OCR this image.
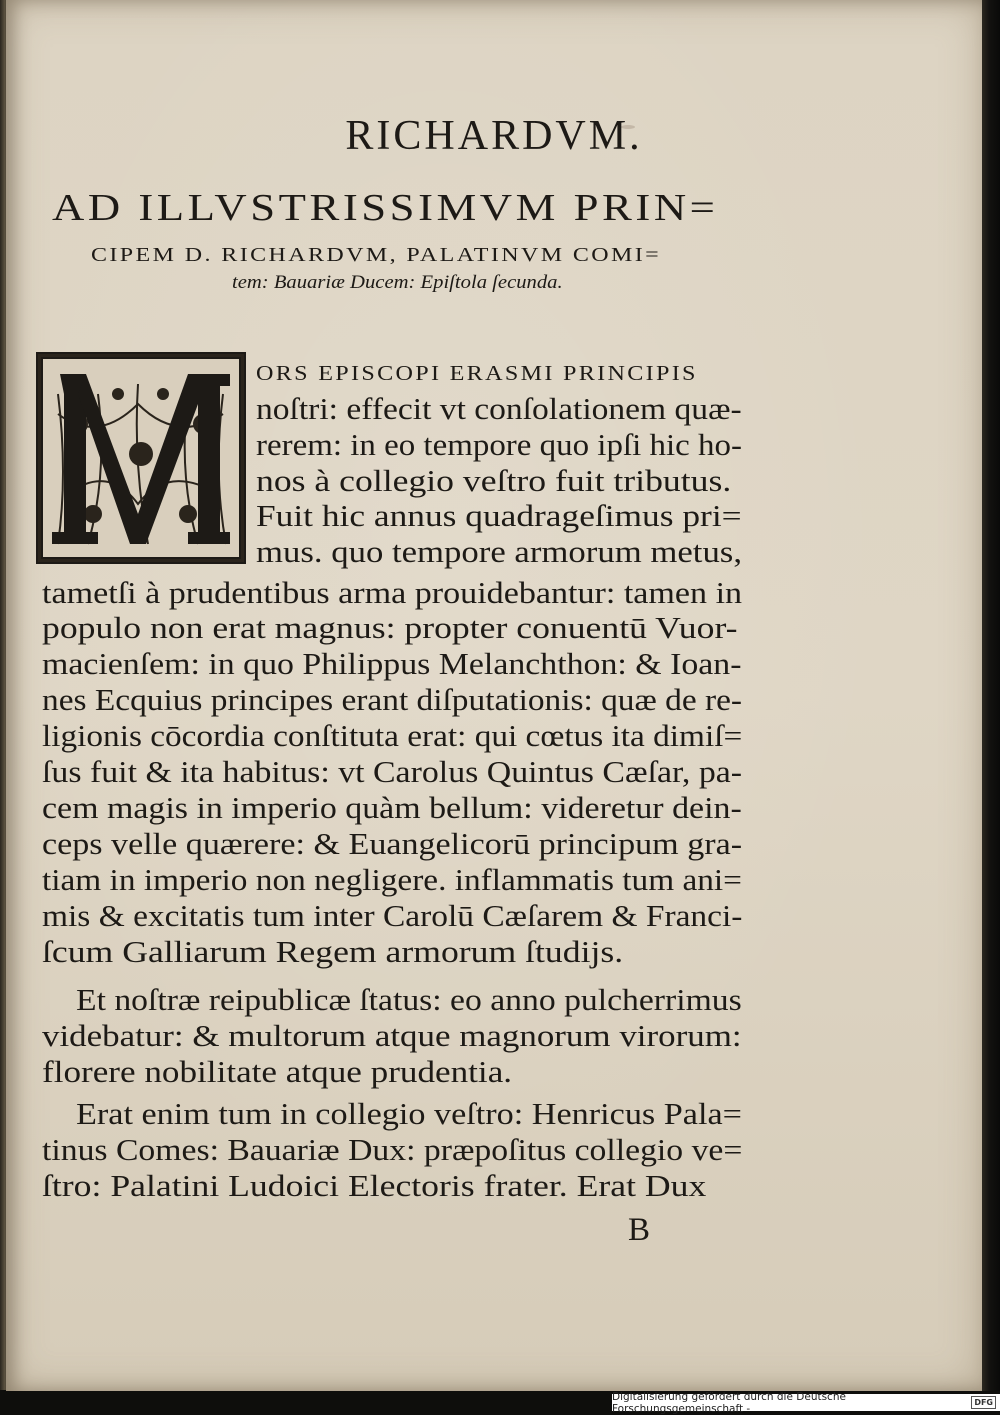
RICHARDVM.
AD ILLVSTRISSIMVM PRIN=
CIPEM D. RICHARDVM, PALATINVM COMI=
tem: Bauariæ Ducem: Epiſtola ſecunda.
ORS EPISCOPI ERASMI PRINCIPIS
noſtri: effecit vt conſolationem quæ-
rerem: in eo tempore quo ipſi hic ho-
nos à collegio veſtro fuit tributus.
Fuit hic annus quadrageſimus pri=
mus. quo tempore armorum metus,
tametſi à prudentibus arma prouidebantur: tamen in
populo non erat magnus: propter conuentū Vuor-
macienſem: in quo Philippus Melanchthon: & Ioan-
nes Ecquius principes erant diſputationis: quæ de re-
ligionis cōcordia conſtituta erat: qui cœtus ita dimiſ=
ſus fuit & ita habitus: vt Carolus Quintus Cæſar, pa-
cem magis in imperio quàm bellum: videretur dein-
ceps velle quærere: & Euangelicorū principum gra-
tiam in imperio non negligere. inflammatis tum ani=
mis & excitatis tum inter Carolū Cæſarem & Franci-
ſcum Galliarum Regem armorum ſtudijs.
Et noſtræ reipublicæ ſtatus: eo anno pulcherrimus
videbatur: & multorum atque magnorum virorum:
florere nobilitate atque prudentia.
Erat enim tum in collegio veſtro: Henricus Pala=
tinus Comes: Bauariæ Dux: præpoſitus collegio ve=
ſtro: Palatini Ludoici Electoris frater. Erat Dux
B
Digitalisierung gefördert durch die Deutsche Forschungsgemeinschaft -	DFG
